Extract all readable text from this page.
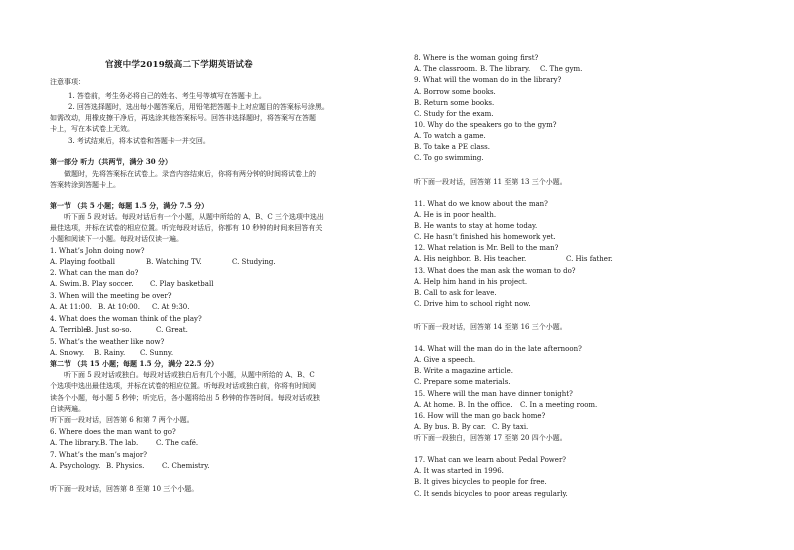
官渡中学2019级高二下学期英语试卷
注意事项：
1. 答卷前，考生务必将自己的姓名、考生号等填写在答题卡上。
2. 回答选择题时，选出每小题答案后，用铅笔把答题卡上对应题目的答案标号涂黑。
如需改动，用橡皮擦干净后，再选涂其他答案标号。回答非选择题时，将答案写在答题
卡上，写在本试卷上无效。
3. 考试结束后，将本试卷和答题卡一并交回。
第一部分 听力（共两节，满分 30 分）
做题时，先将答案标在试卷上。录音内容结束后，你将有两分钟的时间将试卷上的
答案转涂到答题卡上。
第一节 （共 5 小题；每题 1.5 分，满分 7.5 分）
听下面 5 段对话。每段对话后有一个小题，从题中所给的 A、B、C 三个选项中选出
最佳选项，并标在试卷的相应位置。听完每段对话后，你都有 10 秒钟的时间来回答有关
小题和阅读下一小题。每段对话仅读一遍。
1. What’s John doing now?
A. Playing football	B. Watching TV.	C. Studying.
2. What can the man do?
A. Swim.B. Play soccer. C. Play basketball
3. When will the meeting be over?
A. At 11:00. B. At 10:00. C. At 9:30.
4. What does the woman think of the play?
A. Terrible.B. Just so-so.	C. Great.
5. What’s the weather like now?
A. Snowy. B. Rainy. C. Sunny.
第二节 （共 15 小题；每题 1.5 分，满分 22.5 分）
听下面 5 段对话或独白。每段对话或独白后有几个小题，从题中所给的 A、B、C
个选项中选出最佳选项，并标在试卷的相应位置。听每段对话或独白前，你将有时间阅
读各个小题，每小题 5 秒钟；听完后，各小题将给出 5 秒钟的作答时间。每段对话或独
白读两遍。
听下面一段对话，回答第 6 和第 7 两个小题。
6. Where does the man want to go?
A. The library.B. The lab.	C. The café.
7. What’s the man’s major?
A. Psychology. B. Physics.	C. Chemistry.
听下面一段对话，回答第 8 至第 10 三个小题。
8. Where is the woman going first?
A. The classroom. B. The library. C. The gym.
9. What will the woman do in the library?
A. Borrow some books.
B. Return some books.
C. Study for the exam.
10. Why do the speakers go to the gym?
A. To watch a game.
B. To take a PE class.
C. To go swimming.
听下面一段对话，回答第 11 至第 13 三个小题。
11. What do we know about the man?
A. He is in poor health.
B. He wants to stay at home today.
C. He hasn’t finished his homework yet.
12. What relation is Mr. Bell to the man?
A. His neighbor. B. His teacher.	C. His father.
13. What does the man ask the woman to do?
A. Help him hand in his project.
B. Call to ask for leave.
C. Drive him to school right now.
听下面一段对话，回答第 14 至第 16 三个小题。
14. What will the man do in the late afternoon?
A. Give a speech.
B. Write a magazine article.
C. Prepare some materials.
15. Where will the man have dinner tonight?
A. At home. B. In the office. C. In a meeting room.
16. How will the man go back home?
A. By bus. B. By car. C. By taxi.
听下面一段独白，回答第 17 至第 20 四个小题。
17. What can we learn about Pedal Power?
A. It was started in 1996.
B. It gives bicycles to people for free.
C. It sends bicycles to poor areas regularly.
